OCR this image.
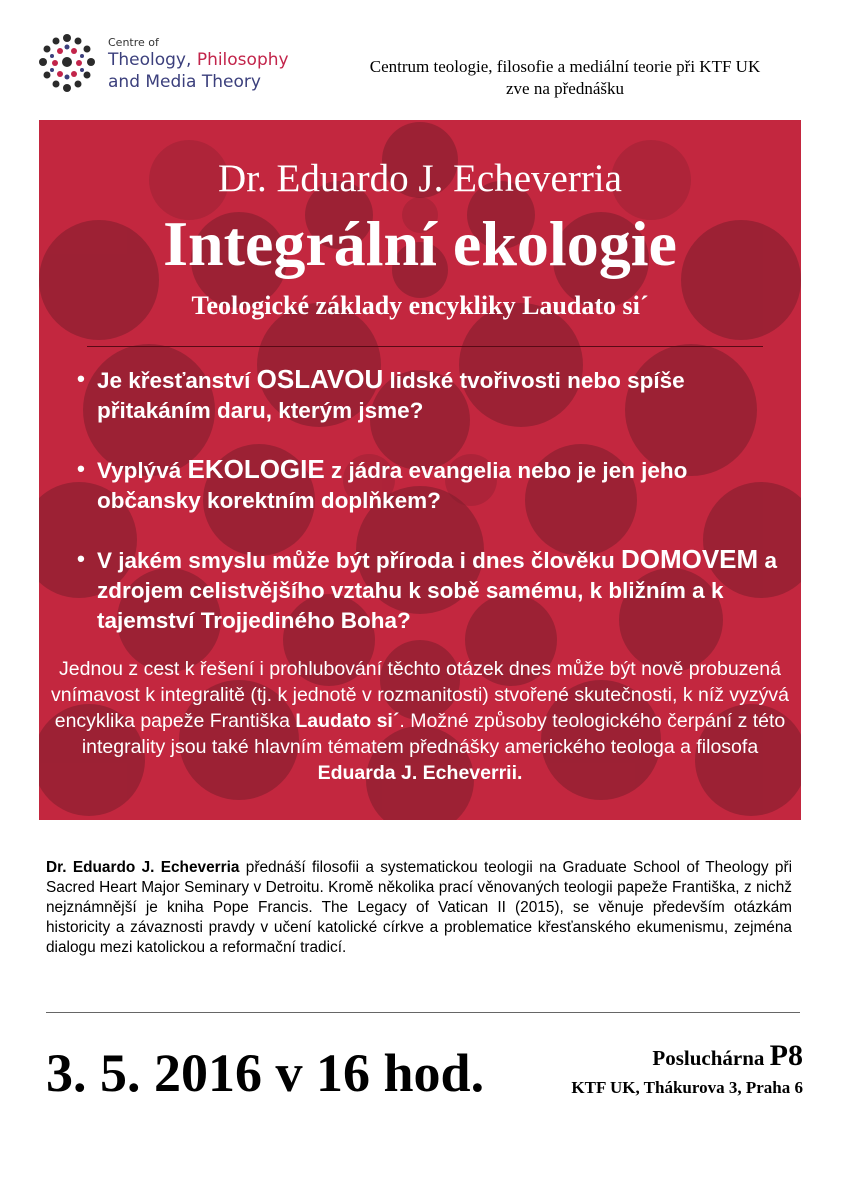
Centre of
Theology, Philosophy
and Media Theory
Centrum teologie, filosofie a mediální teorie při KTF UK
zve na přednášku
Dr. Eduardo J. Echeverria
Integrální ekologie
Teologické základy encykliky Laudato si´
• Je křesťanství OSLAVOU lidské tvořivosti nebo spíše přitakáním daru, kterým jsme?
• Vyplývá EKOLOGIE z jádra evangelia nebo je jen jeho občansky korektním doplňkem?
• V jakém smyslu může být příroda i dnes člověku DOMOVEM a zdrojem celistvějšího vztahu k sobě samému, k bližním a k tajemství Trojjediného Boha?
Jednou z cest k řešení i prohlubování těchto otázek dnes může být nově probuzená vnímavost k integralitě (tj. k jednotě v rozmanitosti) stvořené skutečnosti, k níž vyzývá encyklika papeže Františka Laudato si´. Možné způsoby teologického čerpání z této integrality jsou také hlavním tématem přednášky amerického teologa a filosofa
Eduarda J. Echeverrii.
Dr. Eduardo J. Echeverria přednáší filosofii a systematickou teologii na Graduate School of Theology při Sacred Heart Major Seminary v Detroitu. Kromě několika prací věnovaných teologii papeže Františka, z nichž nejznámnější je kniha Pope Francis. The Legacy of Vatican II (2015), se věnuje především otázkám historicity a závaznosti pravdy v učení katolické církve a problematice křesťanského ekumenismu, zejména dialogu mezi katolickou a reformační tradicí.
3. 5. 2016 v 16 hod.	Posluchárna P8
KTF UK, Thákurova 3, Praha 6
